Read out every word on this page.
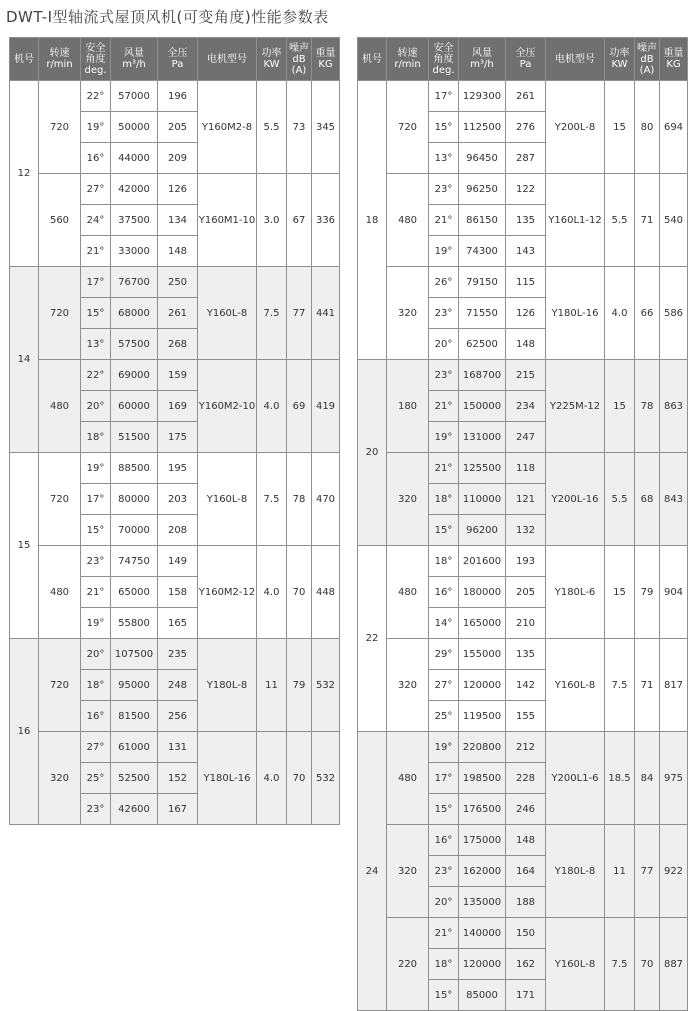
DWT-Ⅰ型轴流式屋顶风机(可变角度)性能参数表
机号	转速
r/min	安全
角度
deg.	风量
m³/h	全压
Pa	电机型号	功率
KW	噪声
dB
(A)	重量
KG

12	720	22°	57000	196	Y160M2-8	5.5	73	345
		19°	50000	205				
		16°	44000	209				
	560	27°	42000	126	Y160M1-10	3.0	67	336
		24°	37500	134				
		21°	33000	148				
14	720	17°	76700	250	Y160L-8	7.5	77	441
		15°	68000	261				
		13°	57500	268				
	480	22°	69000	159	Y160M2-10	4.0	69	419
		20°	60000	169				
		18°	51500	175				
15	720	19°	88500	195	Y160L-8	7.5	78	470
		17°	80000	203				
		15°	70000	208				
	480	23°	74750	149	Y160M2-12	4.0	70	448
		21°	65000	158				
		19°	55800	165				
16	720	20°	107500	235	Y180L-8	11	79	532
		18°	95000	248				
		16°	81500	256				
	320	27°	61000	131	Y180L-16	4.0	70	532
		25°	52500	152				
		23°	42600	167				
机号	转速
r/min	安全
角度
deg.	风量
m³/h	全压
Pa	电机型号	功率
KW	噪声
dB
(A)	重量
KG

18	720	17°	129300	261	Y200L-8	15	80	694
		15°	112500	276				
		13°	96450	287				
	480	23°	96250	122	Y160L1-12	5.5	71	540
		21°	86150	135				
		19°	74300	143				
	320	26°	79150	115	Y180L-16	4.0	66	586
		23°	71550	126				
		20°	62500	148				
20	180	23°	168700	215	Y225M-12	15	78	863
		21°	150000	234				
		19°	131000	247				
	320	21°	125500	118	Y200L-16	5.5	68	843
		18°	110000	121				
		15°	96200	132				
22	480	18°	201600	193	Y180L-6	15	79	904
		16°	180000	205				
		14°	165000	210				
	320	29°	155000	135	Y160L-8	7.5	71	817
		27°	120000	142				
		25°	119500	155				
24	480	19°	220800	212	Y200L1-6	18.5	84	975
		17°	198500	228				
		15°	176500	246				
	320	16°	175000	148	Y180L-8	11	77	922
		23°	162000	164				
		20°	135000	188				
	220	21°	140000	150	Y160L-8	7.5	70	887
		18°	120000	162				
		15°	85000	171				
